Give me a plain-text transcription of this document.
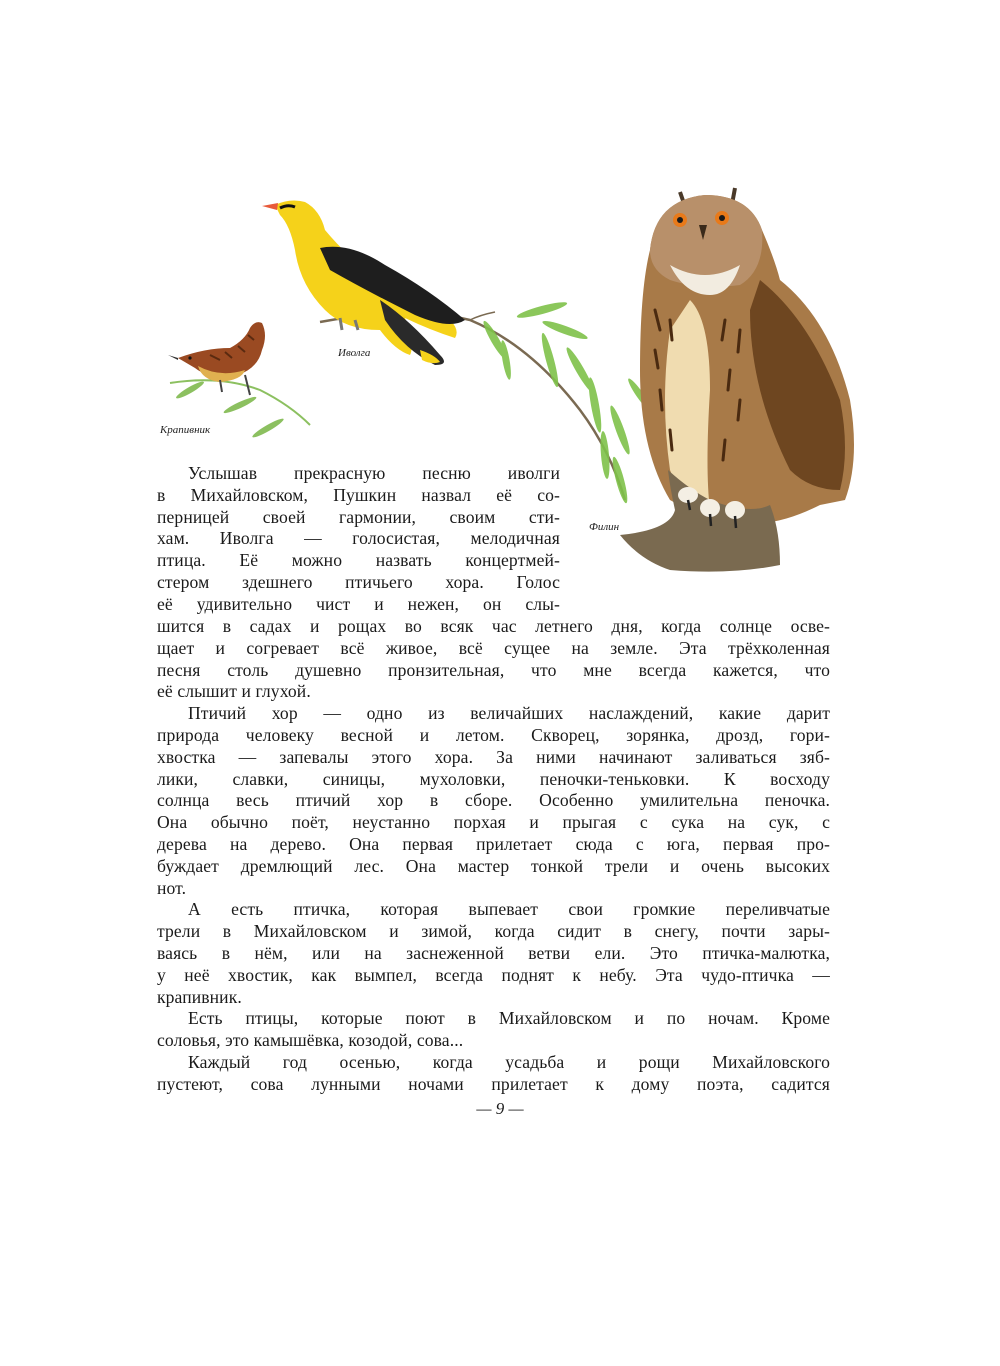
Иволга
Крапивник
Филин
Услышав прекрасную песню иволги
в Михайловском, Пушкин назвал её со-
перницей своей гармонии, своим сти-
хам. Иволга — голосистая, мелодичная
птица. Её можно назвать концертмей-
стером здешнего птичьего хора. Голос
её удивительно чист и нежен, он слы-
шится в садах и рощах во всяк час летнего дня, когда солнце осве-
щает и согревает всё живое, всё сущее на земле. Эта трёхколенная
песня столь душевно пронзительная, что мне всегда кажется, что
её слышит и глухой.
Птичий хор — одно из величайших наслаждений, какие дарит
природа человеку весной и летом. Скворец, зорянка, дрозд, гори-
хвостка — запевалы этого хора. За ними начинают заливаться зяб-
лики, славки, синицы, мухоловки, пеночки-теньковки. К восходу
солнца весь птичий хор в сборе. Особенно умилительна пеночка.
Она обычно поёт, неустанно порхая и прыгая с сука на сук, с
дерева на дерево. Она первая прилетает сюда с юга, первая про-
буждает дремлющий лес. Она мастер тонкой трели и очень высоких
нот.
А есть птичка, которая выпевает свои громкие переливчатые
трели в Михайловском и зимой, когда сидит в снегу, почти зары-
ваясь в нём, или на заснеженной ветви ели. Это птичка-малютка,
у неё хвостик, как вымпел, всегда поднят к небу. Эта чудо-птичка —
крапивник.
Есть птицы, которые поют в Михайловском и по ночам. Кроме
соловья, это камышёвка, козодой, сова...
Каждый год осенью, когда усадьба и рощи Михайловского
пустеют, сова лунными ночами прилетает к дому поэта, садится
— 9 —
